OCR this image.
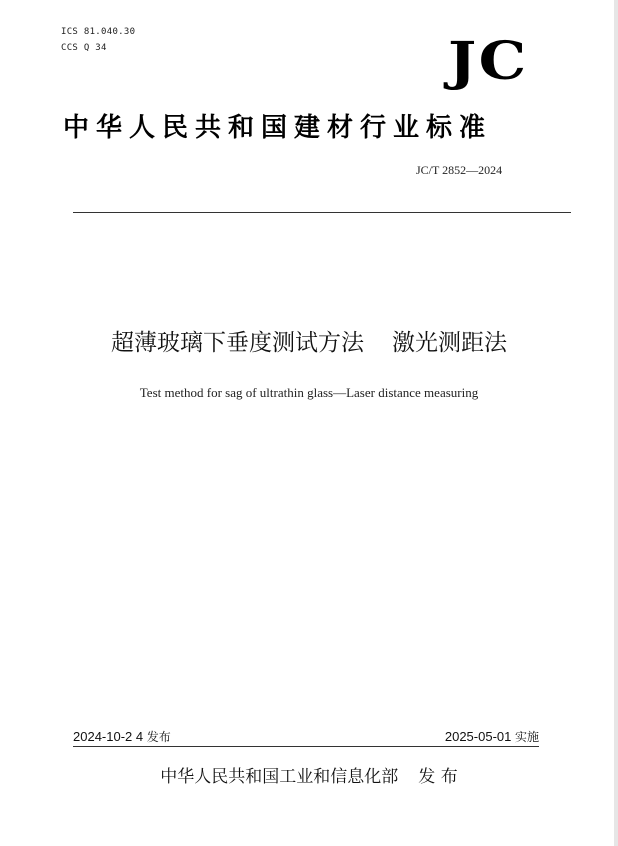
ICS 81.040.30
CCS Q 34	JC
中华人民共和国建材行业标准
JC/T 2852—2024
超薄玻璃下垂度测试方法 激光测距法
Test method for sag of ultrathin glass—Laser distance measuring
2024-10-2 4 发布	2025-05-01 实施
中华人民共和国工业和信息化部 发 布
